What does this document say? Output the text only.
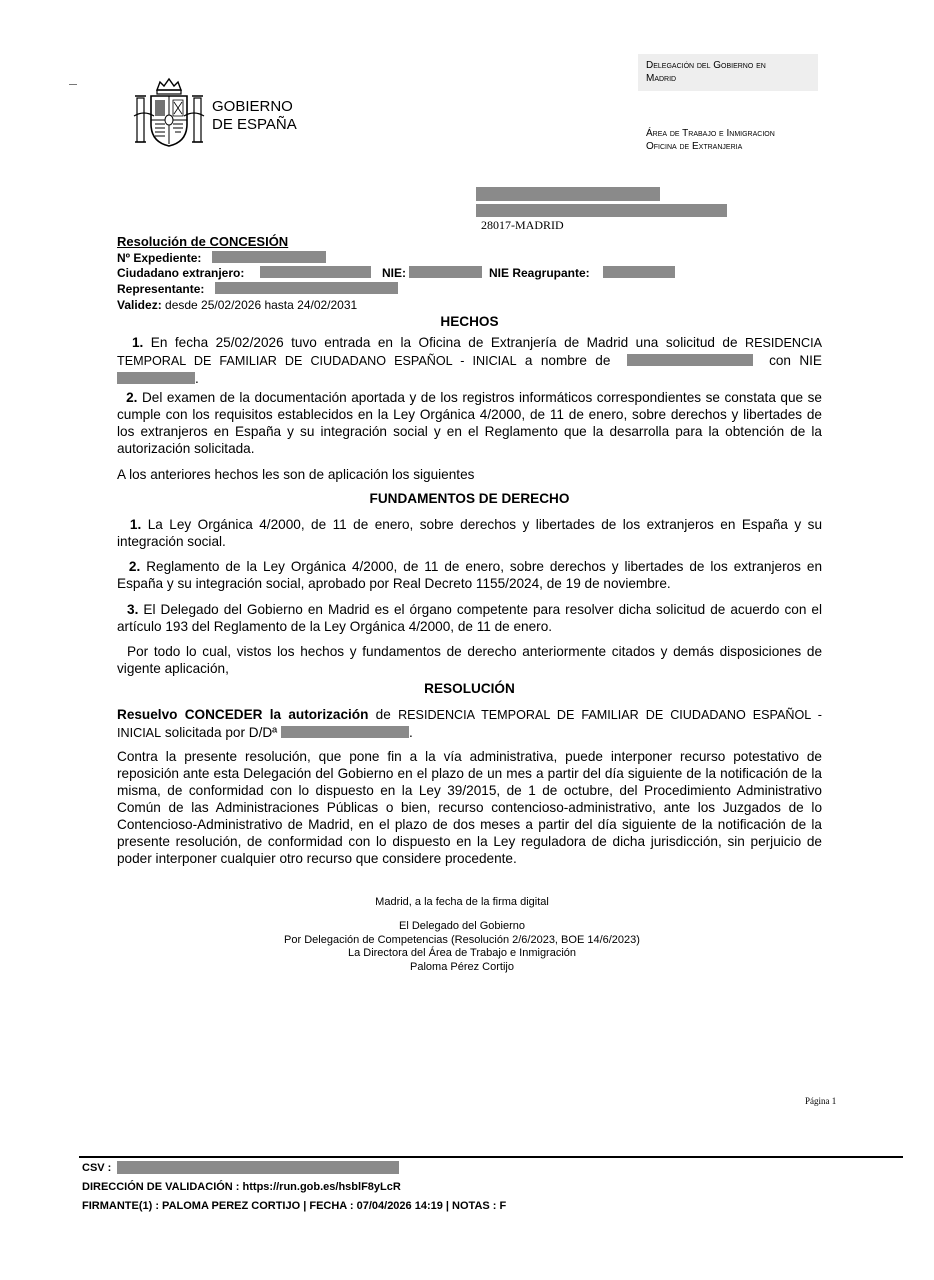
GOBIERNO
DE ESPAÑA
Delegación del Gobierno en
Madrid
Área de Trabajo e Inmigracion
Oficina de Extranjeria
28017-MADRID
Resolución de CONCESIÓN
Nº Expediente:
Ciudadano extranjero:	NIE:	NIE Reagrupante:
Representante:
Validez: desde 25/02/2026 hasta 24/02/2031
HECHOS
1. En fecha 25/02/2026 tuvo entrada en la Oficina de Extranjería de Madrid una solicitud de RESIDENCIA TEMPORAL DE FAMILIAR DE CIUDADANO ESPAÑOL - INICIAL a nombre de	con NIE .
2. Del examen de la documentación aportada y de los registros informáticos correspondientes se constata que se cumple con los requisitos establecidos en la Ley Orgánica 4/2000, de 11 de enero, sobre derechos y libertades de los extranjeros en España y su integración social y en el Reglamento que la desarrolla para la obtención de la autorización solicitada.
A los anteriores hechos les son de aplicación los siguientes
FUNDAMENTOS DE DERECHO
1. La Ley Orgánica 4/2000, de 11 de enero, sobre derechos y libertades de los extranjeros en España y su integración social.
2. Reglamento de la Ley Orgánica 4/2000, de 11 de enero, sobre derechos y libertades de los extranjeros en España y su integración social, aprobado por Real Decreto 1155/2024, de 19 de noviembre.
3. El Delegado del Gobierno en Madrid es el órgano competente para resolver dicha solicitud de acuerdo con el artículo 193 del Reglamento de la Ley Orgánica 4/2000, de 11 de enero.
Por todo lo cual, vistos los hechos y fundamentos de derecho anteriormente citados y demás disposiciones de vigente aplicación,
RESOLUCIÓN
Resuelvo CONCEDER la autorización de RESIDENCIA TEMPORAL DE FAMILIAR DE CIUDADANO ESPAÑOL - INICIAL solicitada por D/Dª	.
Contra la presente resolución, que pone fin a la vía administrativa, puede interponer recurso potestativo de reposición ante esta Delegación del Gobierno en el plazo de un mes a partir del día siguiente de la notificación de la misma, de conformidad con lo dispuesto en la Ley 39/2015, de 1 de octubre, del Procedimiento Administrativo Común de las Administraciones Públicas o bien, recurso contencioso-administrativo, ante los Juzgados de lo Contencioso-Administrativo de Madrid, en el plazo de dos meses a partir del día siguiente de la notificación de la presente resolución, de conformidad con lo dispuesto en la Ley reguladora de dicha jurisdicción, sin perjuicio de poder interponer cualquier otro recurso que considere procedente.
Madrid, a la fecha de la firma digital
El Delegado del Gobierno
Por Delegación de Competencias (Resolución 2/6/2023, BOE 14/6/2023)
La Directora del Área de Trabajo e Inmigración
Paloma Pérez Cortijo
Página 1
CSV :
DIRECCIÓN DE VALIDACIÓN : https://run.gob.es/hsblF8yLcR
FIRMANTE(1) : PALOMA PEREZ CORTIJO | FECHA : 07/04/2026 14:19 | NOTAS : F
